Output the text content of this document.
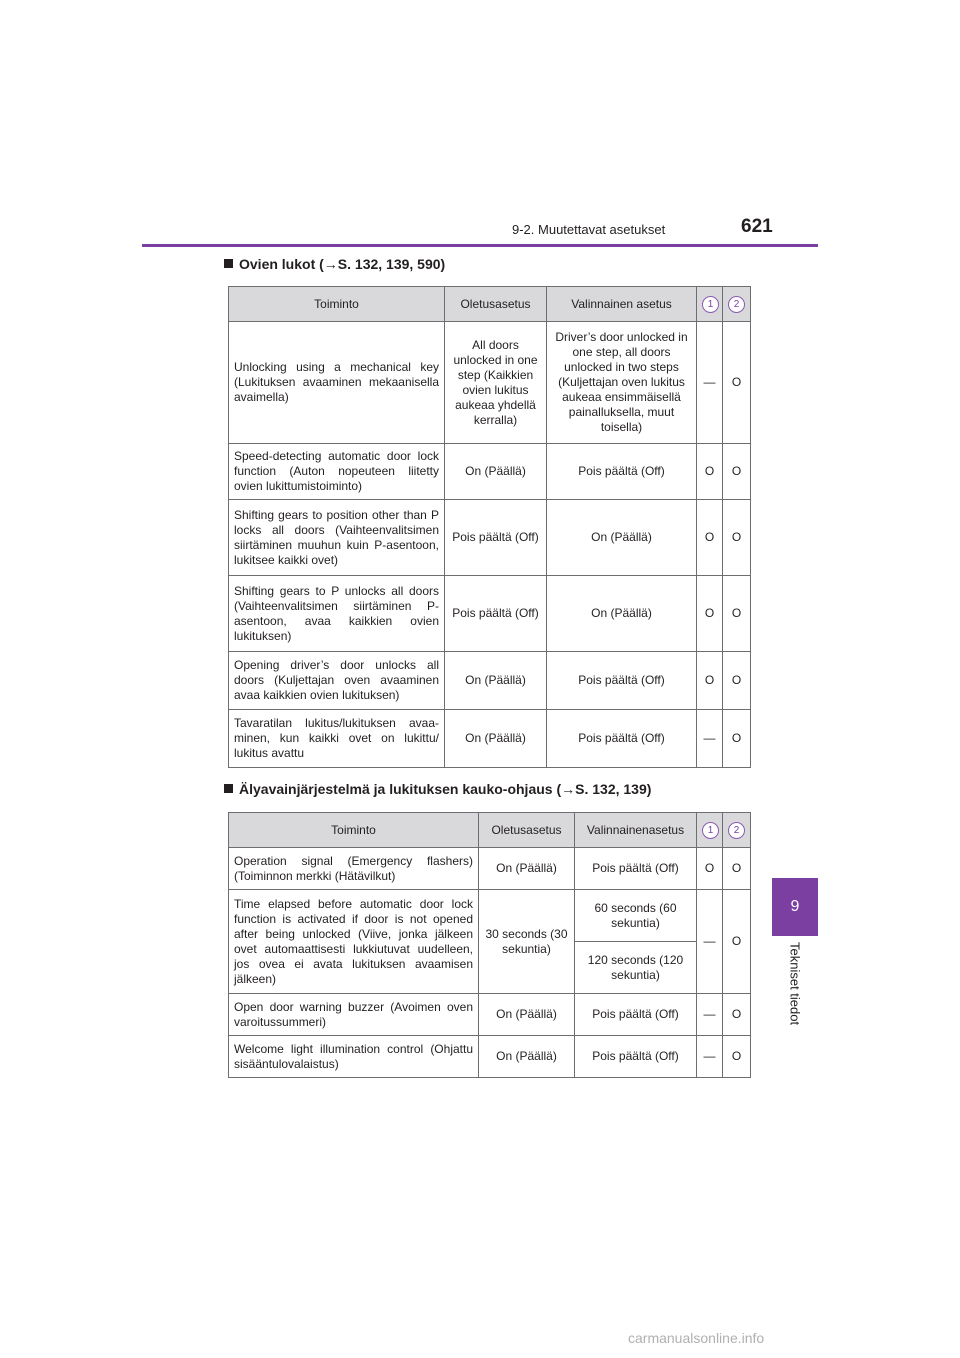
9-2. Muutettavat asetukset	621
9
Tekniset tiedot
Ovien lukot (→S. 132, 139, 590)
Toiminto	Oletusasetus	Valinnainen asetus	1	2
Unlocking using a mechanical key (Lukituksen avaaminen mekaanisella avaimella)	All doors unlocked in one step (Kaikkien ovien lukitus aukeaa yhdellä kerralla)	Driver’s door unlocked in one step, all doors unlocked in two steps (Kuljettajan oven lukitus aukeaa ensimmäisellä painalluksella, muut toisella)	—	O
Speed-detecting automatic door lock function (Auton nopeuteen liitetty ovien lukittumistoiminto)	On (Päällä)	Pois päältä (Off)	O	O
Shifting gears to position other than P locks all doors (Vaihteenvalitsimen siirtäminen muuhun kuin P-asentoon, lukitsee kaikki ovet)	Pois päältä (Off)	On (Päällä)	O	O
Shifting gears to P unlocks all doors (Vaihteenvalitsimen siirtäminen P-asentoon, avaa kaikkien ovien lukituksen)	Pois päältä (Off)	On (Päällä)	O	O
Opening driver’s door unlocks all doors (Kuljettajan oven avaaminen avaa kaikkien ovien lukituksen)	On (Päällä)	Pois päältä (Off)	O	O
Tavaratilan lukitus/lukituksen avaa-minen, kun kaikki ovet on lukittu/ lukitus avattu	On (Päällä)	Pois päältä (Off)	—	O
Älyavainjärjestelmä ja lukituksen kauko-ohjaus (→S. 132, 139)
Toiminto	Oletusasetus	Valinnainenasetus	1	2
Operation signal (Emergency flashers) (Toiminnon merkki (Hätävilkut)	On (Päällä)	Pois päältä (Off)	O	O
Time elapsed before automatic door lock function is activated if door is not opened after being unlocked (Viive, jonka jälkeen ovet automaattisesti lukkiutuvat uudelleen, jos ovea ei avata lukituksen avaamisen jälkeen)	30 seconds (30 sekuntia)	60 seconds (60 sekuntia)	—	O
		120 seconds (120 sekuntia)		
Open door warning buzzer (Avoimen oven varoitussummeri)	On (Päällä)	Pois päältä (Off)	—	O
Welcome light illumination control (Ohjattu sisääntulovalaistus)	On (Päällä)	Pois päältä (Off)	—	O
carmanualsonline.info
